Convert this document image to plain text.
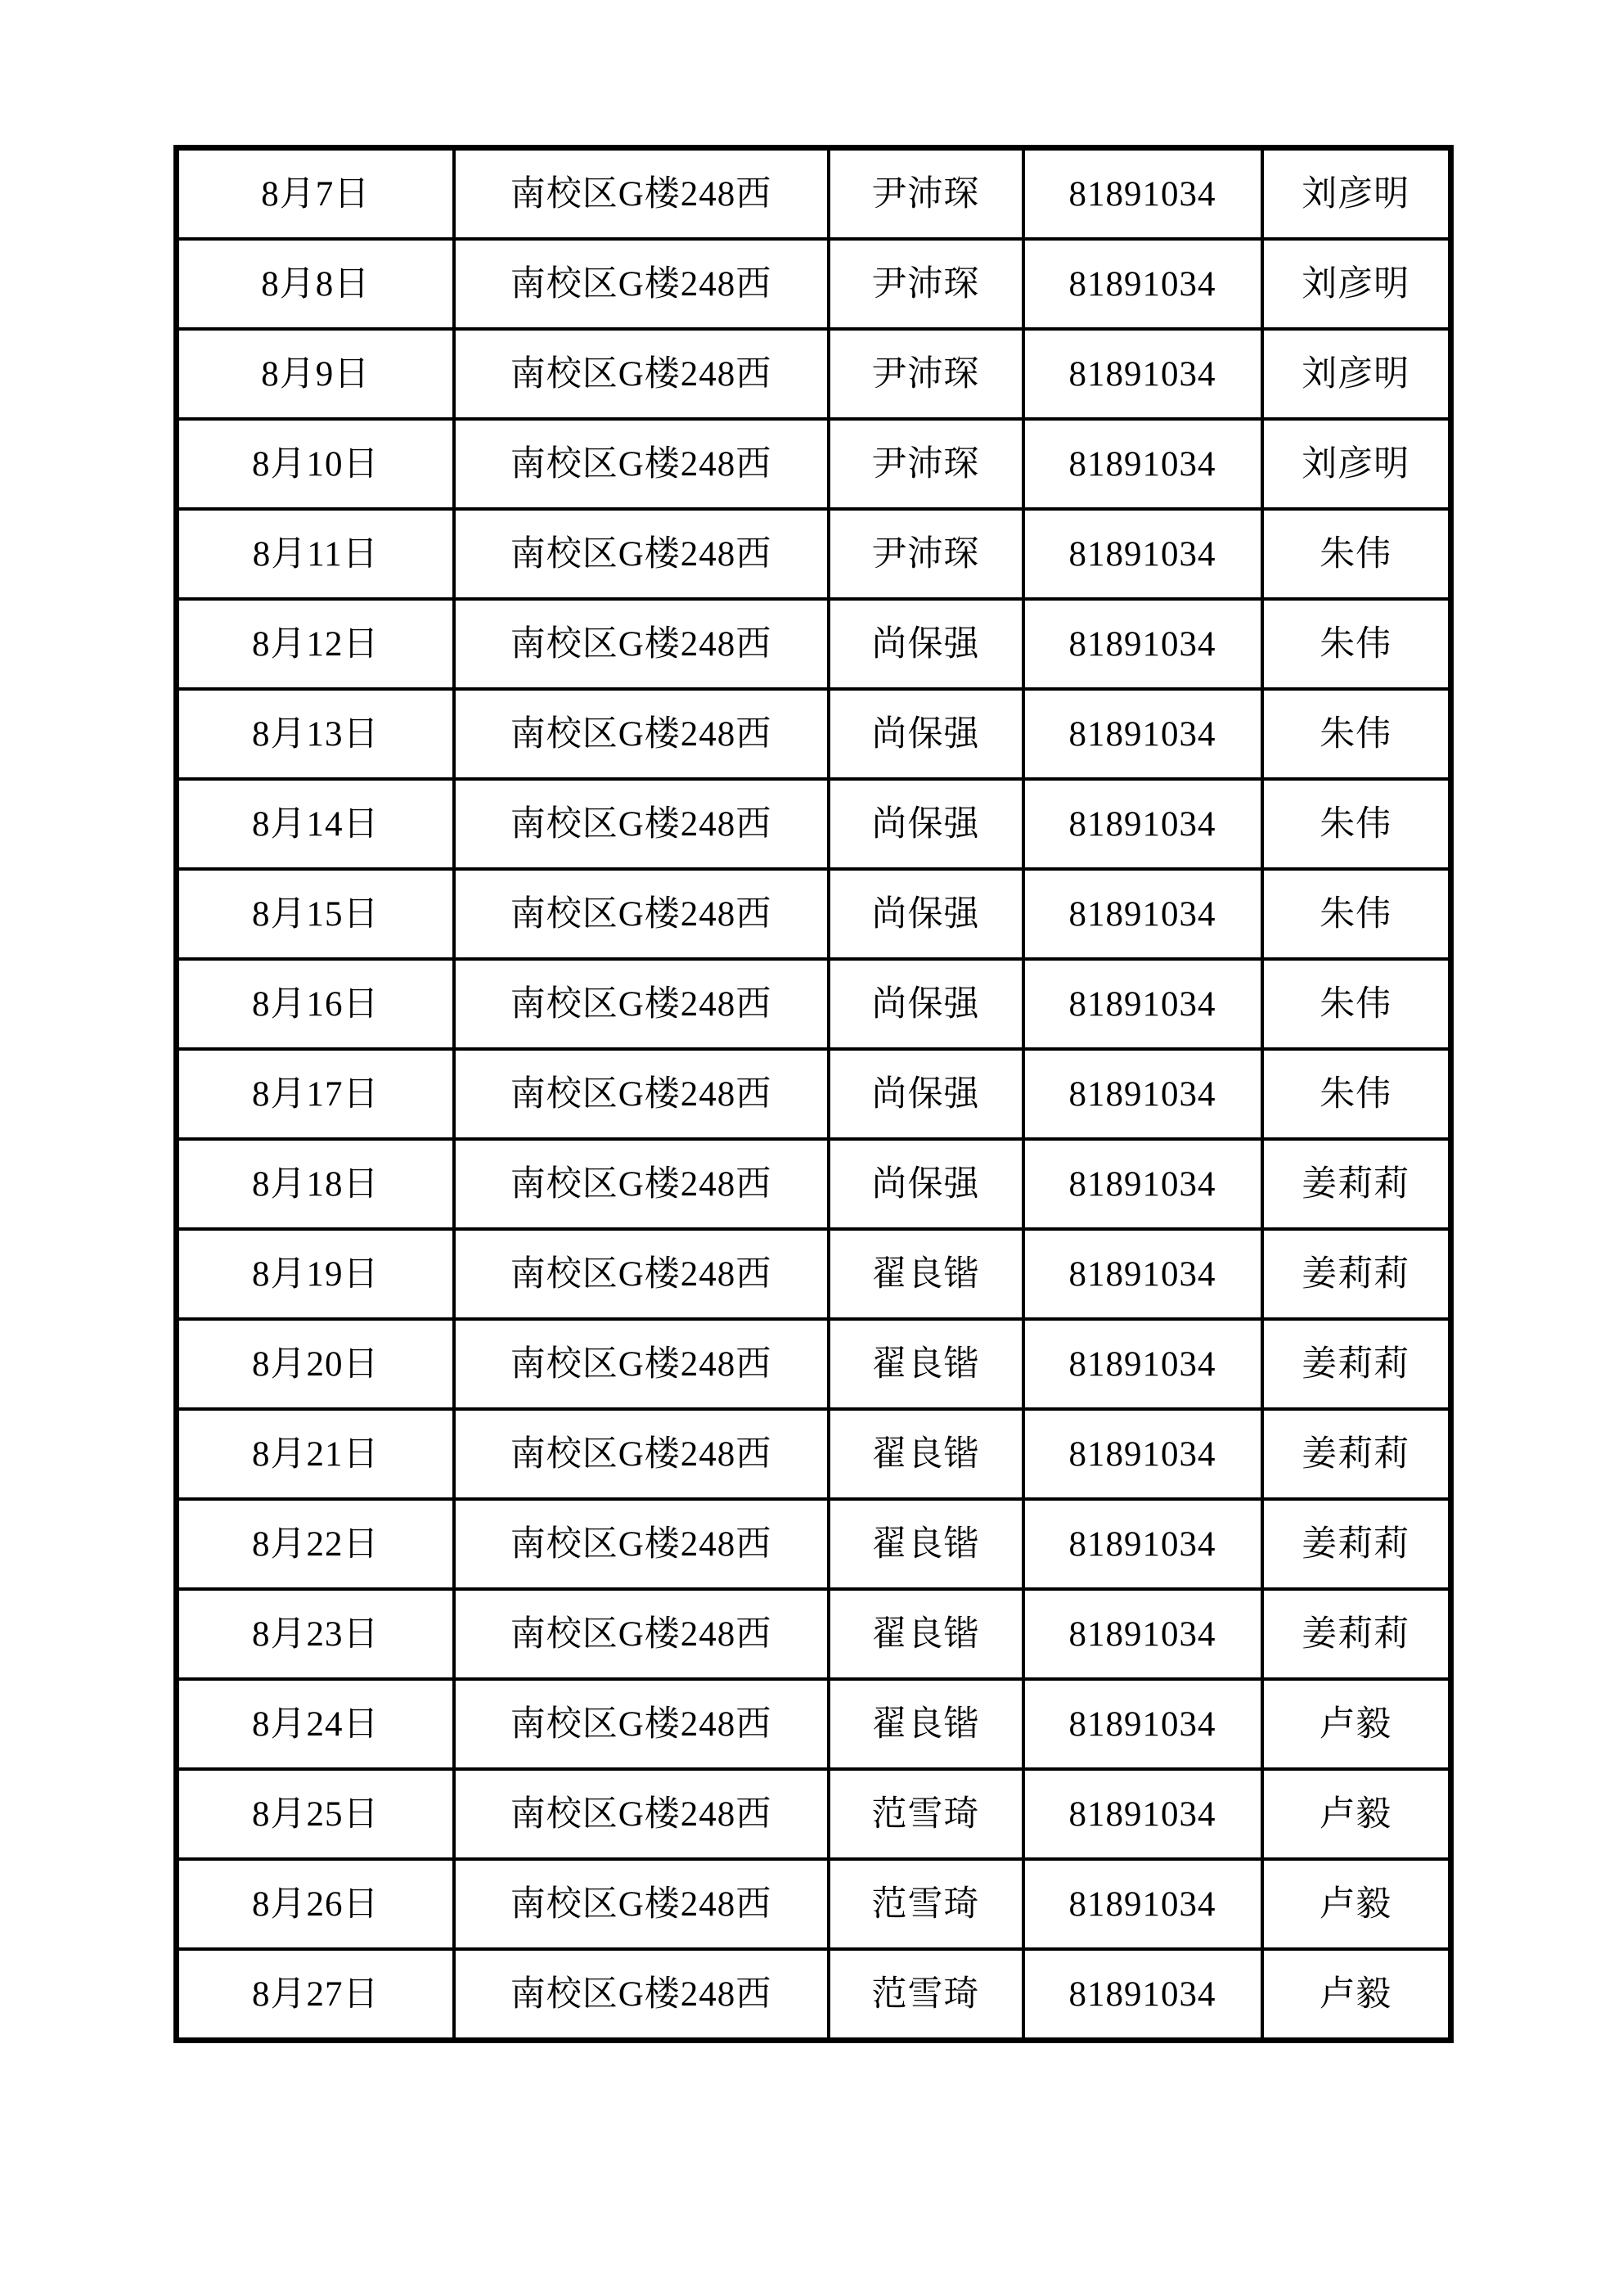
8月7日	南校区G楼248西	尹沛琛	81891034	刘彦明
8月8日	南校区G楼248西	尹沛琛	81891034	刘彦明
8月9日	南校区G楼248西	尹沛琛	81891034	刘彦明
8月10日	南校区G楼248西	尹沛琛	81891034	刘彦明
8月11日	南校区G楼248西	尹沛琛	81891034	朱伟
8月12日	南校区G楼248西	尚保强	81891034	朱伟
8月13日	南校区G楼248西	尚保强	81891034	朱伟
8月14日	南校区G楼248西	尚保强	81891034	朱伟
8月15日	南校区G楼248西	尚保强	81891034	朱伟
8月16日	南校区G楼248西	尚保强	81891034	朱伟
8月17日	南校区G楼248西	尚保强	81891034	朱伟
8月18日	南校区G楼248西	尚保强	81891034	姜莉莉
8月19日	南校区G楼248西	翟良锴	81891034	姜莉莉
8月20日	南校区G楼248西	翟良锴	81891034	姜莉莉
8月21日	南校区G楼248西	翟良锴	81891034	姜莉莉
8月22日	南校区G楼248西	翟良锴	81891034	姜莉莉
8月23日	南校区G楼248西	翟良锴	81891034	姜莉莉
8月24日	南校区G楼248西	翟良锴	81891034	卢毅
8月25日	南校区G楼248西	范雪琦	81891034	卢毅
8月26日	南校区G楼248西	范雪琦	81891034	卢毅
8月27日	南校区G楼248西	范雪琦	81891034	卢毅
